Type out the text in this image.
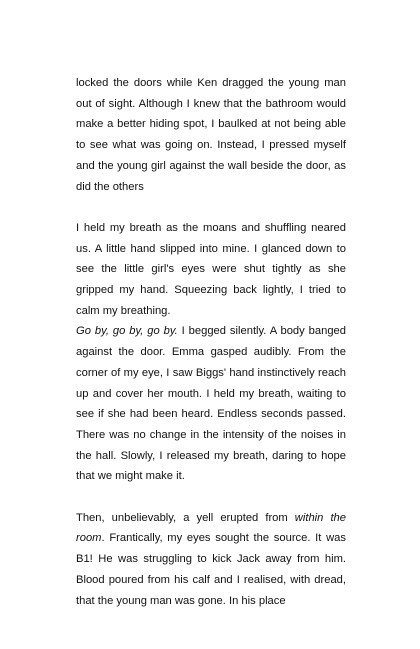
locked the doors while Ken dragged the young man out of sight. Although I knew that the bathroom would make a better hiding spot, I baulked at not being able to see what was going on. Instead, I pressed myself and the young girl against the wall beside the door, as did the others

I held my breath as the moans and shuffling neared us. A little hand slipped into mine. I glanced down to see the little girl's eyes were shut tightly as she gripped my hand. Squeezing back lightly, I tried to calm my breathing.

Go by, go by, go by. I begged silently. A body banged against the door. Emma gasped audibly. From the corner of my eye, I saw Biggs' hand instinctively reach up and cover her mouth. I held my breath, waiting to see if she had been heard. Endless seconds passed. There was no change in the intensity of the noises in the hall. Slowly, I released my breath, daring to hope that we might make it.

Then, unbelievably, a yell erupted from within the room. Frantically, my eyes sought the source. It was B1! He was struggling to kick Jack away from him. Blood poured from his calf and I realised, with dread, that the young man was gone. In his place
